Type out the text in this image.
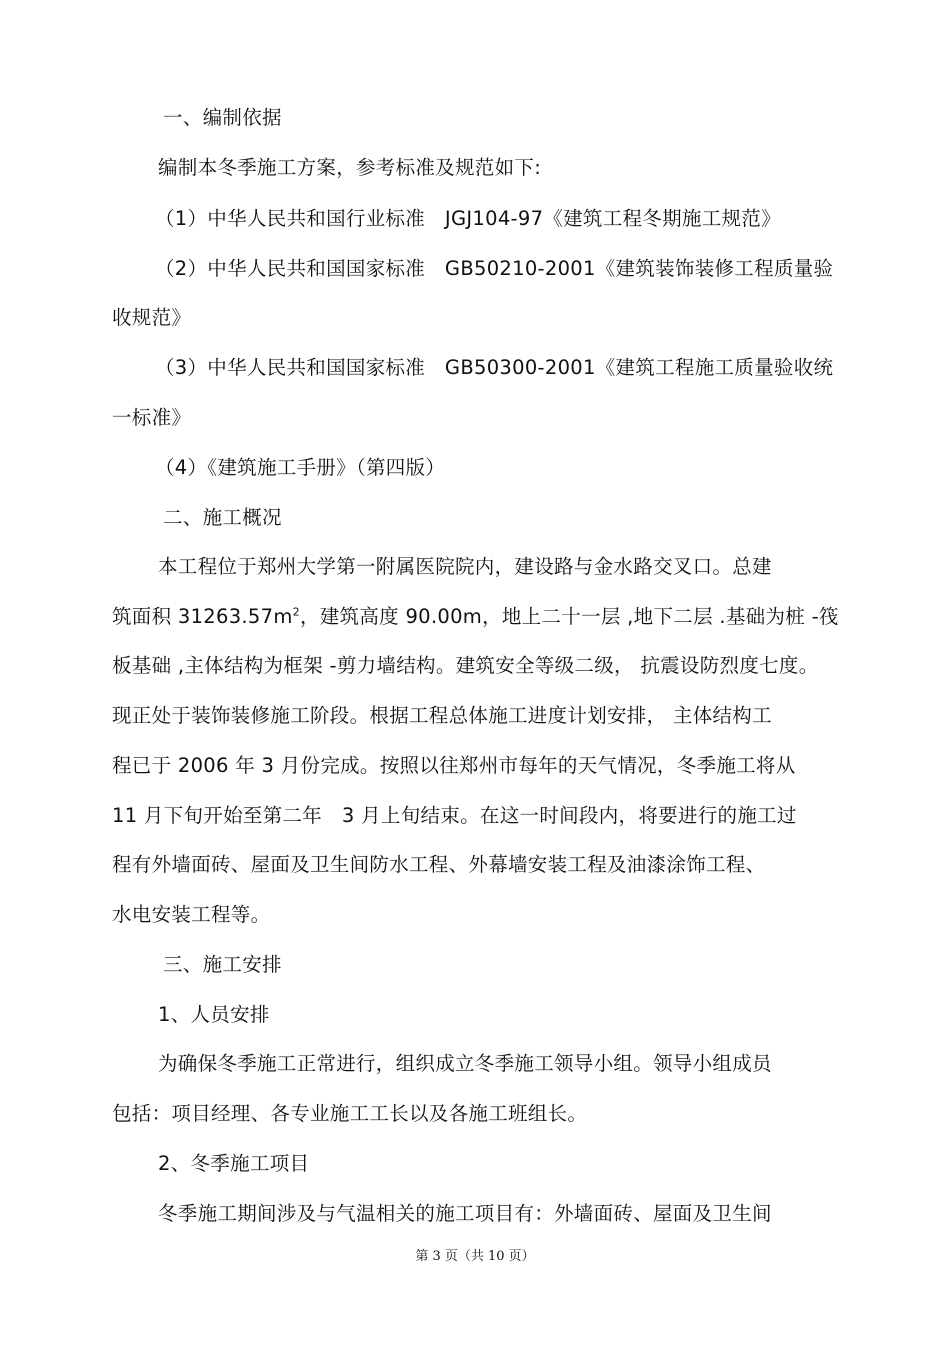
一、编制依据
编制本冬季施工方案，参考标准及规范如下:
（1）中华人民共和国行业标准　JGJ104-97《建筑工程冬期施工规范》
（2）中华人民共和国国家标准　GB50210-2001《建筑装饰装修工程质量验
收规范》
（3）中华人民共和国国家标准　GB50300-2001《建筑工程施工质量验收统
一标准》
（4）《建筑施工手册》（第四版）
二、施工概况
本工程位于郑州大学第一附属医院院内，建设路与金水路交叉口。总建
筑面积 $31263.57m^2$，建筑高度 90.00m，地上二十一层 ,地下二层 .基础为桩 -筏
板基础 ,主体结构为框架 -剪力墙结构。建筑安全等级二级， 抗震设防烈度七度。
现正处于装饰装修施工阶段。根据工程总体施工进度计划安排， 主体结构工
程已于 2006 年 3 月份完成。按照以往郑州市每年的天气情况，冬季施工将从
11 月下旬开始至第二年　3 月上旬结束。在这一时间段内，将要进行的施工过
程有外墙面砖、屋面及卫生间防水工程、外幕墙安装工程及油漆涂饰工程、
水电安装工程等。
三、施工安排
1、人员安排
为确保冬季施工正常进行，组织成立冬季施工领导小组。领导小组成员
包括：项目经理、各专业施工工长以及各施工班组长。
2、冬季施工项目
冬季施工期间涉及与气温相关的施工项目有：外墙面砖、屋面及卫生间
第 3 页（共 10 页）
